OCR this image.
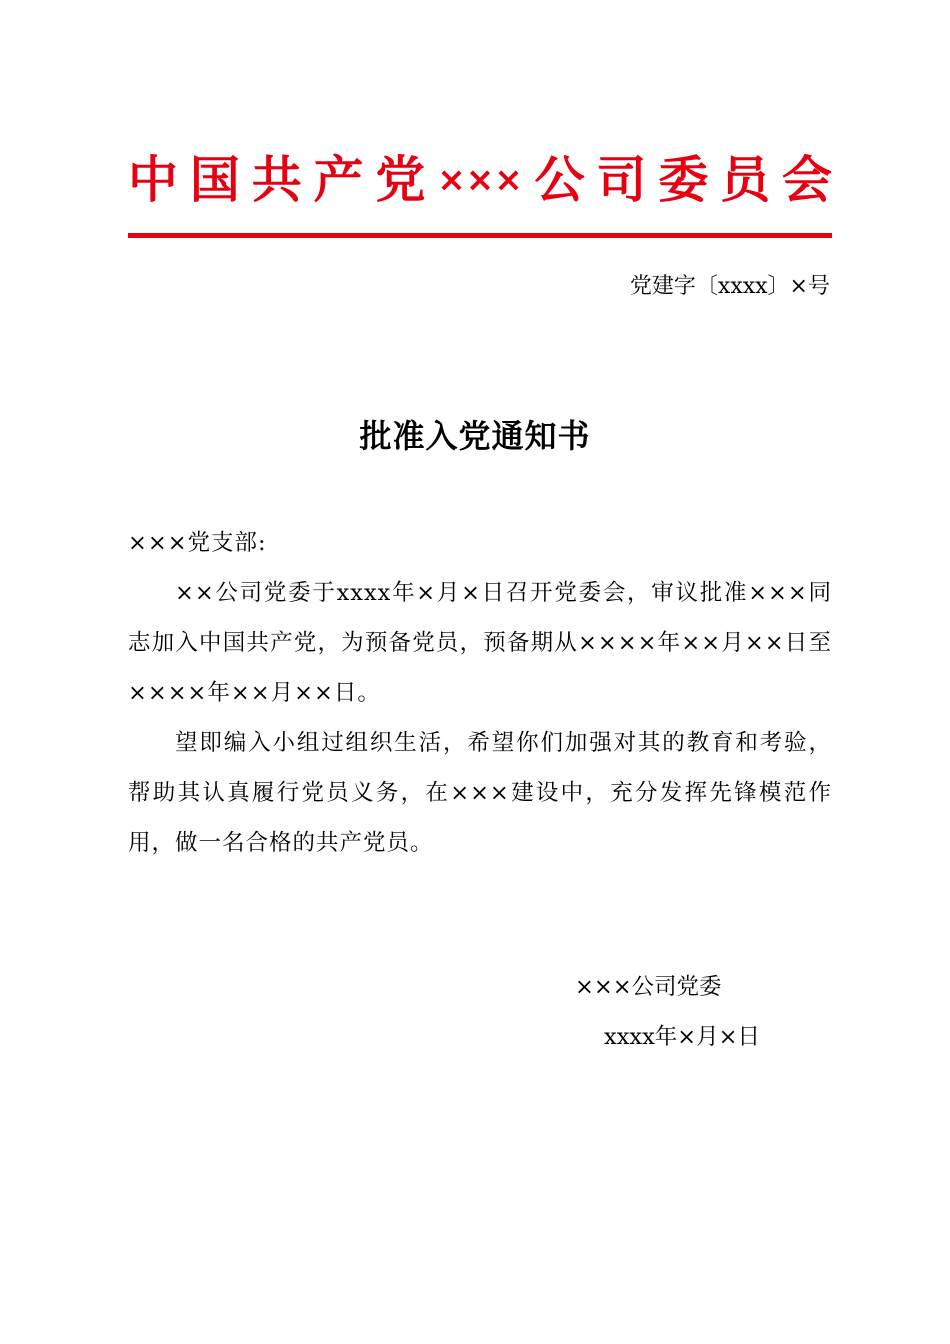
中 国 共 产 党 ××× 公 司 委 员 会
党建字〔xxxx〕×号
批准入党通知书

×××党支部:

××公司党委于xxxx年×月×日召开党委会，审议批准×××同志加入中国共产党，为预备党员，预备期从××××年××月××日至××××年××月××日。

望即编入小组过组织生活，希望你们加强对其的教育和考验，帮助其认真履行党员义务，在×××建设中，充分发挥先锋模范作用，做一名合格的共产党员。

×××公司党委
xxxx年×月×日
